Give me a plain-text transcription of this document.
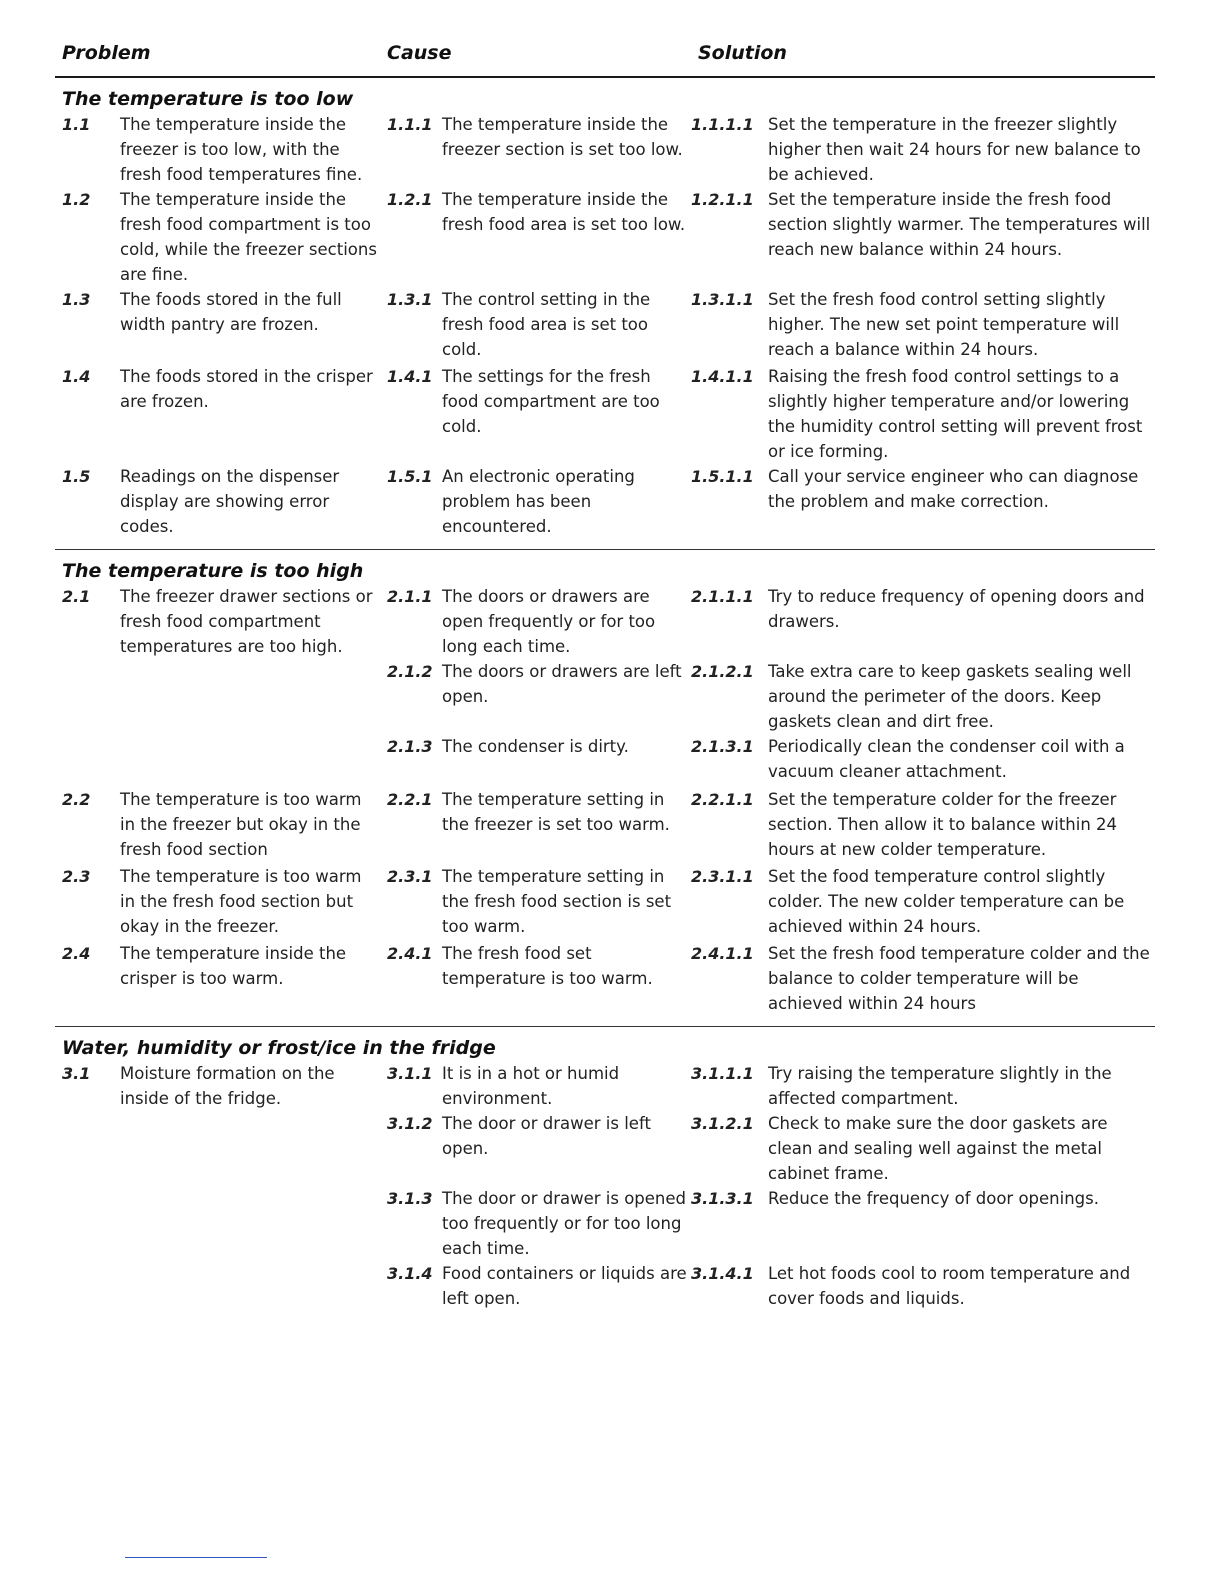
Problem	Cause	Solution
The temperature is too low
1.1 The temperature inside the freezer is too low, with the fresh food temperatures fine.
1.1.1 The temperature inside the freezer section is set too low.
1.1.1.1 Set the temperature in the freezer slightly higher then wait 24 hours for new balance to be achieved.
1.2 The temperature inside the fresh food compartment is too cold, while the freezer sections are fine.
1.2.1 The temperature inside the fresh food area is set too low.
1.2.1.1 Set the temperature inside the fresh food section slightly warmer. The temperatures will reach new balance within 24 hours.
1.3 The foods stored in the full width pantry are frozen.
1.3.1 The control setting in the fresh food area is set too cold.
1.3.1.1 Set the fresh food control setting slightly higher. The new set point temperature will reach a balance within 24 hours.
1.4 The foods stored in the crisper are frozen.
1.4.1 The settings for the fresh food compartment are too cold.
1.4.1.1 Raising the fresh food control settings to a slightly higher temperature and/or lowering the humidity control setting will prevent frost or ice forming.
1.5 Readings on the dispenser display are showing error codes.
1.5.1 An electronic operating problem has been encountered.
1.5.1.1 Call your service engineer who can diagnose the problem and make correction.
The temperature is too high
2.1 The freezer drawer sections or fresh food compartment temperatures are too high.
2.1.1 The doors or drawers are open frequently or for too long each time.
2.1.2 The doors or drawers are left open.
2.1.3 The condenser is dirty.
2.1.1.1 Try to reduce frequency of opening doors and drawers.
2.1.2.1 Take extra care to keep gaskets sealing well around the perimeter of the doors. Keep gaskets clean and dirt free.
2.1.3.1 Periodically clean the condenser coil with a vacuum cleaner attachment.
2.2 The temperature is too warm in the freezer but okay in the fresh food section
2.2.1 The temperature setting in the freezer is set too warm.
2.2.1.1 Set the temperature colder for the freezer section. Then allow it to balance within 24 hours at new colder temperature.
2.3 The temperature is too warm in the fresh food section but okay in the freezer.
2.3.1 The temperature setting in the fresh food section is set too warm.
2.3.1.1 Set the food temperature control slightly colder. The new colder temperature can be achieved within 24 hours.
2.4 The temperature inside the crisper is too warm.
2.4.1 The fresh food set temperature is too warm.
2.4.1.1 Set the fresh food temperature colder and the balance to colder temperature will be achieved within 24 hours
Water, humidity or frost/ice in the fridge
3.1 Moisture formation on the inside of the fridge.
3.1.1 It is in a hot or humid environment.
3.1.2 The door or drawer is left open.
3.1.3 The door or drawer is opened too frequently or for too long each time.
3.1.4 Food containers or liquids are left open.
3.1.1.1 Try raising the temperature slightly in the affected compartment.
3.1.2.1 Check to make sure the door gaskets are clean and sealing well against the metal cabinet frame.
3.1.3.1 Reduce the frequency of door openings.
3.1.4.1 Let hot foods cool to room temperature and cover foods and liquids.
